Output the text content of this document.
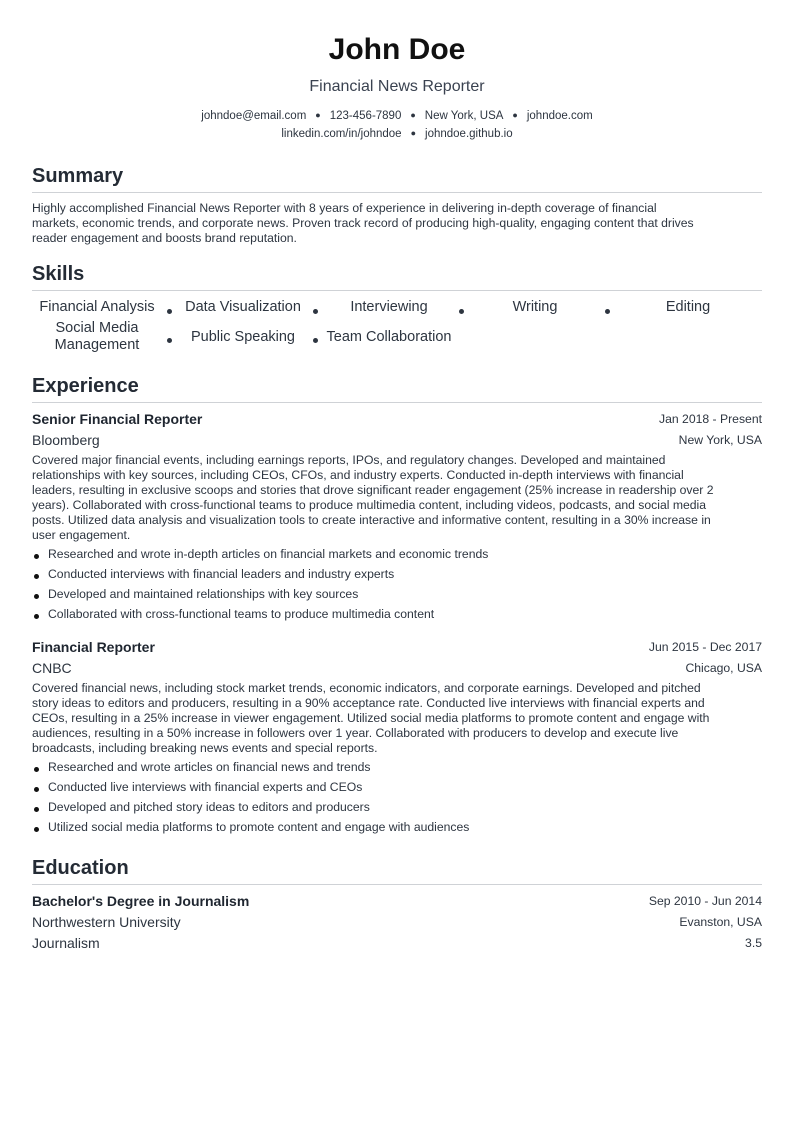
John Doe
Financial News Reporter
johndoe@email.com ● 123-456-7890 ● New York, USA ● johndoe.com
linkedin.com/in/johndoe ● johndoe.github.io
Summary
Highly accomplished Financial News Reporter with 8 years of experience in delivering in-depth coverage of financial
markets, economic trends, and corporate news. Proven track record of producing high-quality, engaging content that drives
reader engagement and boosts brand reputation.
Skills
Financial Analysis	Data Visualization	Interviewing	Writing	Editing
Social Media Management	Public Speaking	Team Collaboration
Experience
Senior Financial Reporter	Jan 2018 - Present
Bloomberg	New York, USA
Covered major financial events, including earnings reports, IPOs, and regulatory changes. Developed and maintained
relationships with key sources, including CEOs, CFOs, and industry experts. Conducted in-depth interviews with financial
leaders, resulting in exclusive scoops and stories that drove significant reader engagement (25% increase in readership over 2
years). Collaborated with cross-functional teams to produce multimedia content, including videos, podcasts, and social media
posts. Utilized data analysis and visualization tools to create interactive and informative content, resulting in a 30% increase in
user engagement.
Researched and wrote in-depth articles on financial markets and economic trends
Conducted interviews with financial leaders and industry experts
Developed and maintained relationships with key sources
Collaborated with cross-functional teams to produce multimedia content
Financial Reporter	Jun 2015 - Dec 2017
CNBC	Chicago, USA
Covered financial news, including stock market trends, economic indicators, and corporate earnings. Developed and pitched
story ideas to editors and producers, resulting in a 90% acceptance rate. Conducted live interviews with financial experts and
CEOs, resulting in a 25% increase in viewer engagement. Utilized social media platforms to promote content and engage with
audiences, resulting in a 50% increase in followers over 1 year. Collaborated with producers to develop and execute live
broadcasts, including breaking news events and special reports.
Researched and wrote articles on financial news and trends
Conducted live interviews with financial experts and CEOs
Developed and pitched story ideas to editors and producers
Utilized social media platforms to promote content and engage with audiences
Education
Bachelor's Degree in Journalism	Sep 2010 - Jun 2014
Northwestern University	Evanston, USA
Journalism	3.5
